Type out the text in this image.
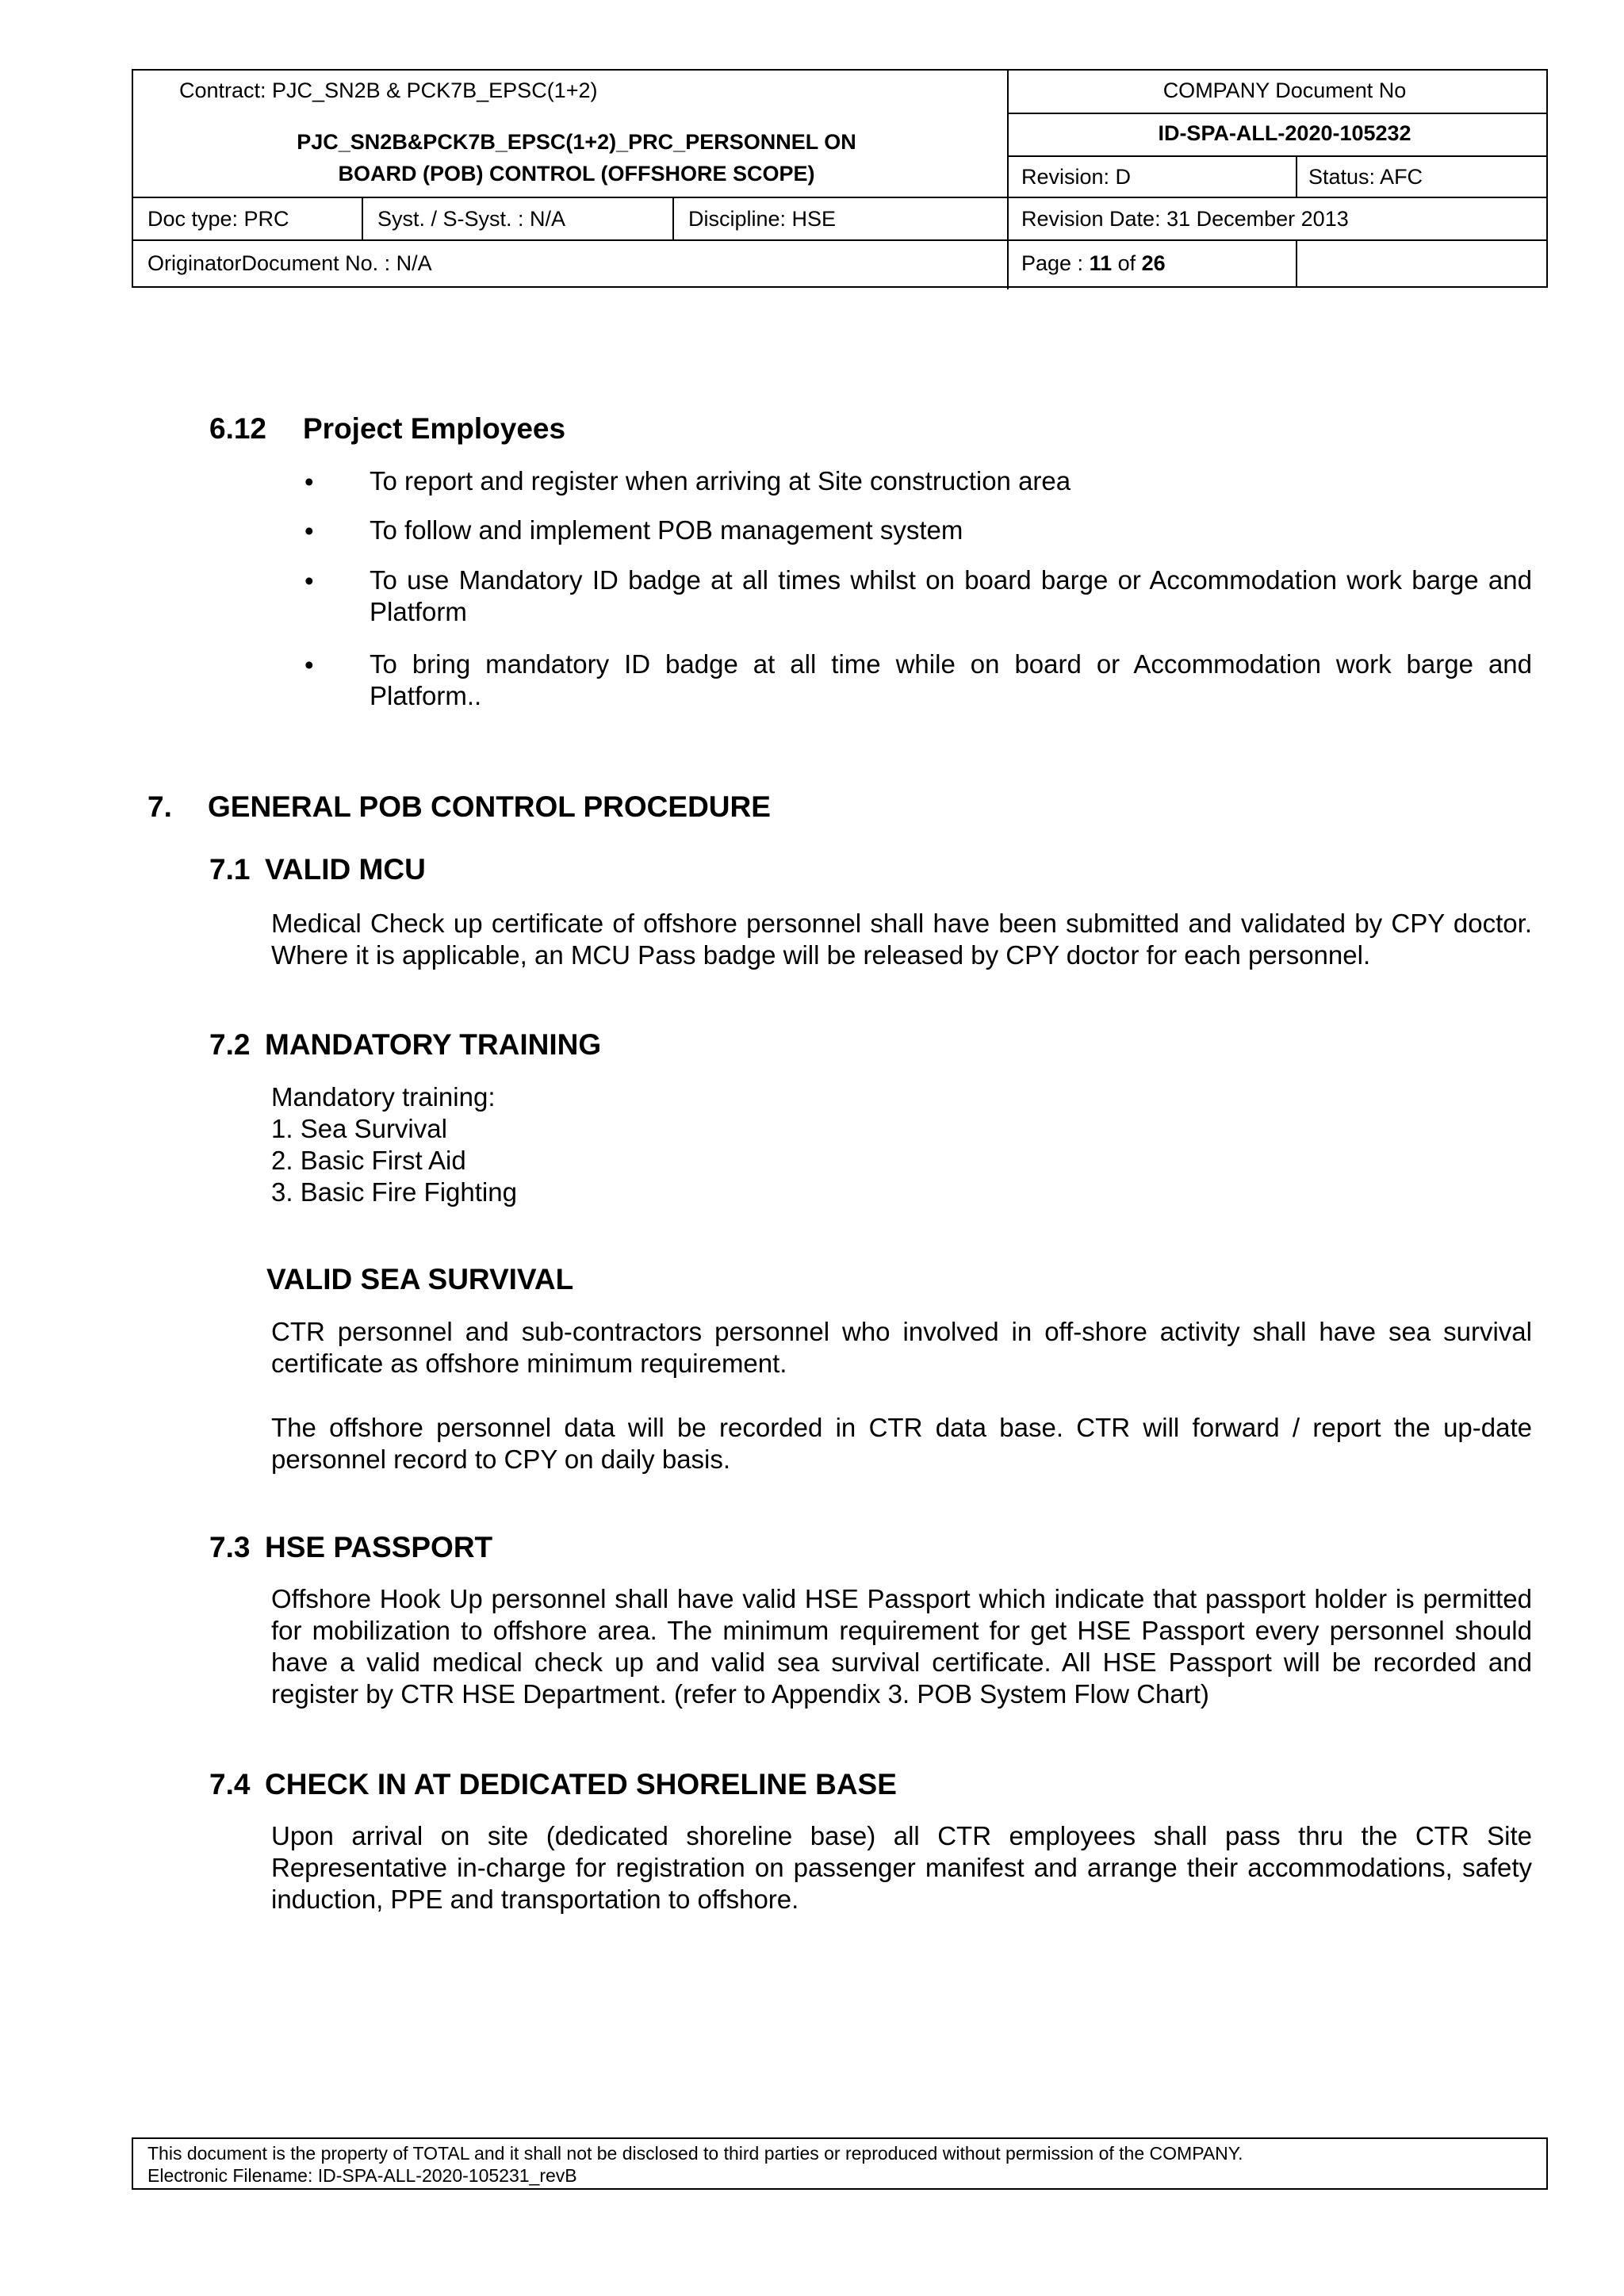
Contract: PJC_SN2B & PCK7B_EPSC(1+2)
PJC_SN2B&PCK7B_EPSC(1+2)_PRC_PERSONNEL ON
BOARD (POB) CONTROL (OFFSHORE SCOPE)
COMPANY Document No
ID-SPA-ALL-2020-105232
Revision: D	Status: AFC
Doc type: PRC	Syst. / S-Syst. : N/A	Discipline: HSE	Revision Date: 31 December 2013
OriginatorDocument No. : N/A	Page : 11 of 26
6.12 Project Employees
• To report and register when arriving at Site construction area
• To follow and implement POB management system
• To use Mandatory ID badge at all times whilst on board barge or Accommodation work barge and Platform
• To bring mandatory ID badge at all time while on board or Accommodation work barge and Platform..
7. GENERAL POB CONTROL PROCEDURE
7.1 VALID MCU
Medical Check up certificate of offshore personnel shall have been submitted and validated by CPY doctor. Where it is applicable, an MCU Pass badge will be released by CPY doctor for each personnel.
7.2 MANDATORY TRAINING
Mandatory training:
1. Sea Survival
2. Basic First Aid
3. Basic Fire Fighting
VALID SEA SURVIVAL
CTR personnel and sub-contractors personnel who involved in off-shore activity shall have sea survival certificate as offshore minimum requirement.
The offshore personnel data will be recorded in CTR data base. CTR will forward / report the up-date personnel record to CPY on daily basis.
7.3 HSE PASSPORT
Offshore Hook Up personnel shall have valid HSE Passport which indicate that passport holder is permitted for mobilization to offshore area. The minimum requirement for get HSE Passport every personnel should have a valid medical check up and valid sea survival certificate. All HSE Passport will be recorded and register by CTR HSE Department. (refer to Appendix 3. POB System Flow Chart)
7.4 CHECK IN AT DEDICATED SHORELINE BASE
Upon arrival on site (dedicated shoreline base) all CTR employees shall pass thru the CTR Site Representative in-charge for registration on passenger manifest and arrange their accommodations, safety induction, PPE and transportation to offshore.
This document is the property of TOTAL and it shall not be disclosed to third parties or reproduced without permission of the COMPANY.
Electronic Filename: ID-SPA-ALL-2020-105231_revB
